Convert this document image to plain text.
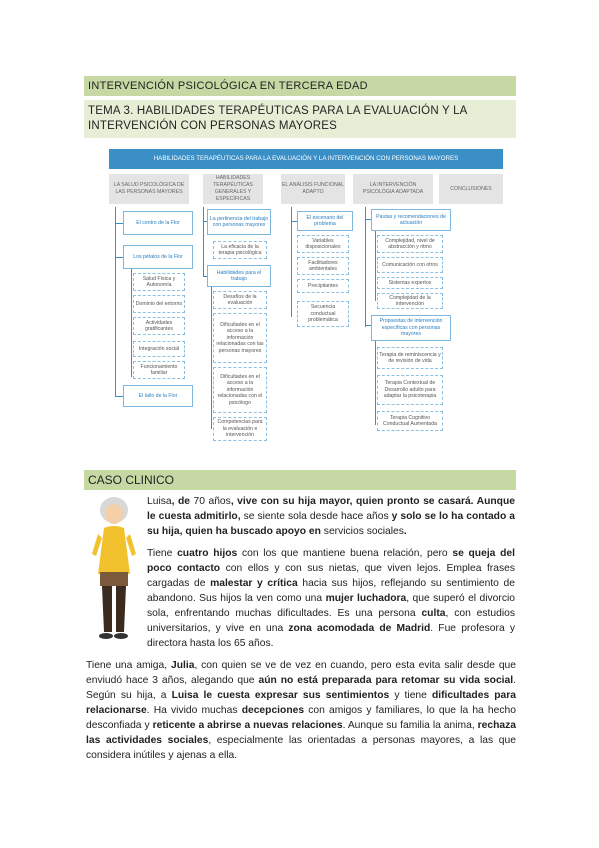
INTERVENCIÓN PSICOLÓGICA EN TERCERA EDAD
TEMA 3. HABILIDADES TERAPÉUTICAS PARA LA EVALUACIÓN Y LA INTERVENCIÓN CON PERSONAS MAYORES
HABILIDADES TERAPÉUTICAS PARA LA EVALUACIÓN Y LA INTERVENCIÓN CON PERSONAS MAYORES
LA SALUD PSICOLÓGICA DE LAS PERSONAS MAYORES
HABILIDADES TERAPÉUTICAS GENERALES Y ESPECÍFICAS
EL ANÁLISIS FUNCIONAL ADAPTO
LA INTERVENCIÓN PSICOLÓGIA ADAPTADA
CONCLUSIONES
El centro de la Flor
Los pétalos de la Flor
Salud Física y Autonomía
Dominio del entorno
Actividades gratificantes
Integración social
Funcionamiento familiar
El tallo de la Flor
La pertinencia del trabajo con personas mayores
La eficacia de la terapia psicológica
Habilidades para el trabajo
Desafíos de la evaluación
Dificultades en el acceso a la información relacionadas con las personas mayores
Dificultades en el acceso a la información relacionadas con el psicólogo
Competencias para la evaluación e intervención
El escenario del problema
Variables disposicionales
Facilitadores ambientales
Precipitantes
Secuencia conductual problemática
Pautas y recomendaciones de actuación
Complejidad, nivel de abstracción y ritmo
Comunicación con otros
Sistemas expertos
Complejidad de la intervención
Propuestas de intervención específicas con personas mayores
Terapia de reminiscencia y de revisión de vida
Terapia Contextual de Desarrollo adulto para adaptar la psicoterapia
Terapia Cognitivo Conductual Aumentada
CASO CLINICO
Luisa, de 70 años, vive con su hija mayor, quien pronto se casará. Aunque le cuesta admitirlo, se siente sola desde hace años y solo se lo ha contado a su hija, quien ha buscado apoyo en servicios sociales.
Tiene cuatro hijos con los que mantiene buena relación, pero se queja del poco contacto con ellos y con sus nietas, que viven lejos. Emplea frases cargadas de malestar y crítica hacia sus hijos, reflejando su sentimiento de abandono. Sus hijos la ven como una mujer luchadora, que superó el divorcio sola, enfrentando muchas dificultades. Es una persona culta, con estudios universitarios, y vive en una zona acomodada de Madrid. Fue profesora y directora hasta los 65 años.
Tiene una amiga, Julia, con quien se ve de vez en cuando, pero esta evita salir desde que enviudó hace 3 años, alegando que aún no está preparada para retomar su vida social. Según su hija, a Luisa le cuesta expresar sus sentimientos y tiene dificultades para relacionarse. Ha vivido muchas decepciones con amigos y familiares, lo que la ha hecho desconfiada y reticente a abrirse a nuevas relaciones. Aunque su familia la anima, rechaza las actividades sociales, especialmente las orientadas a personas mayores, a las que considera inútiles y ajenas a ella.
